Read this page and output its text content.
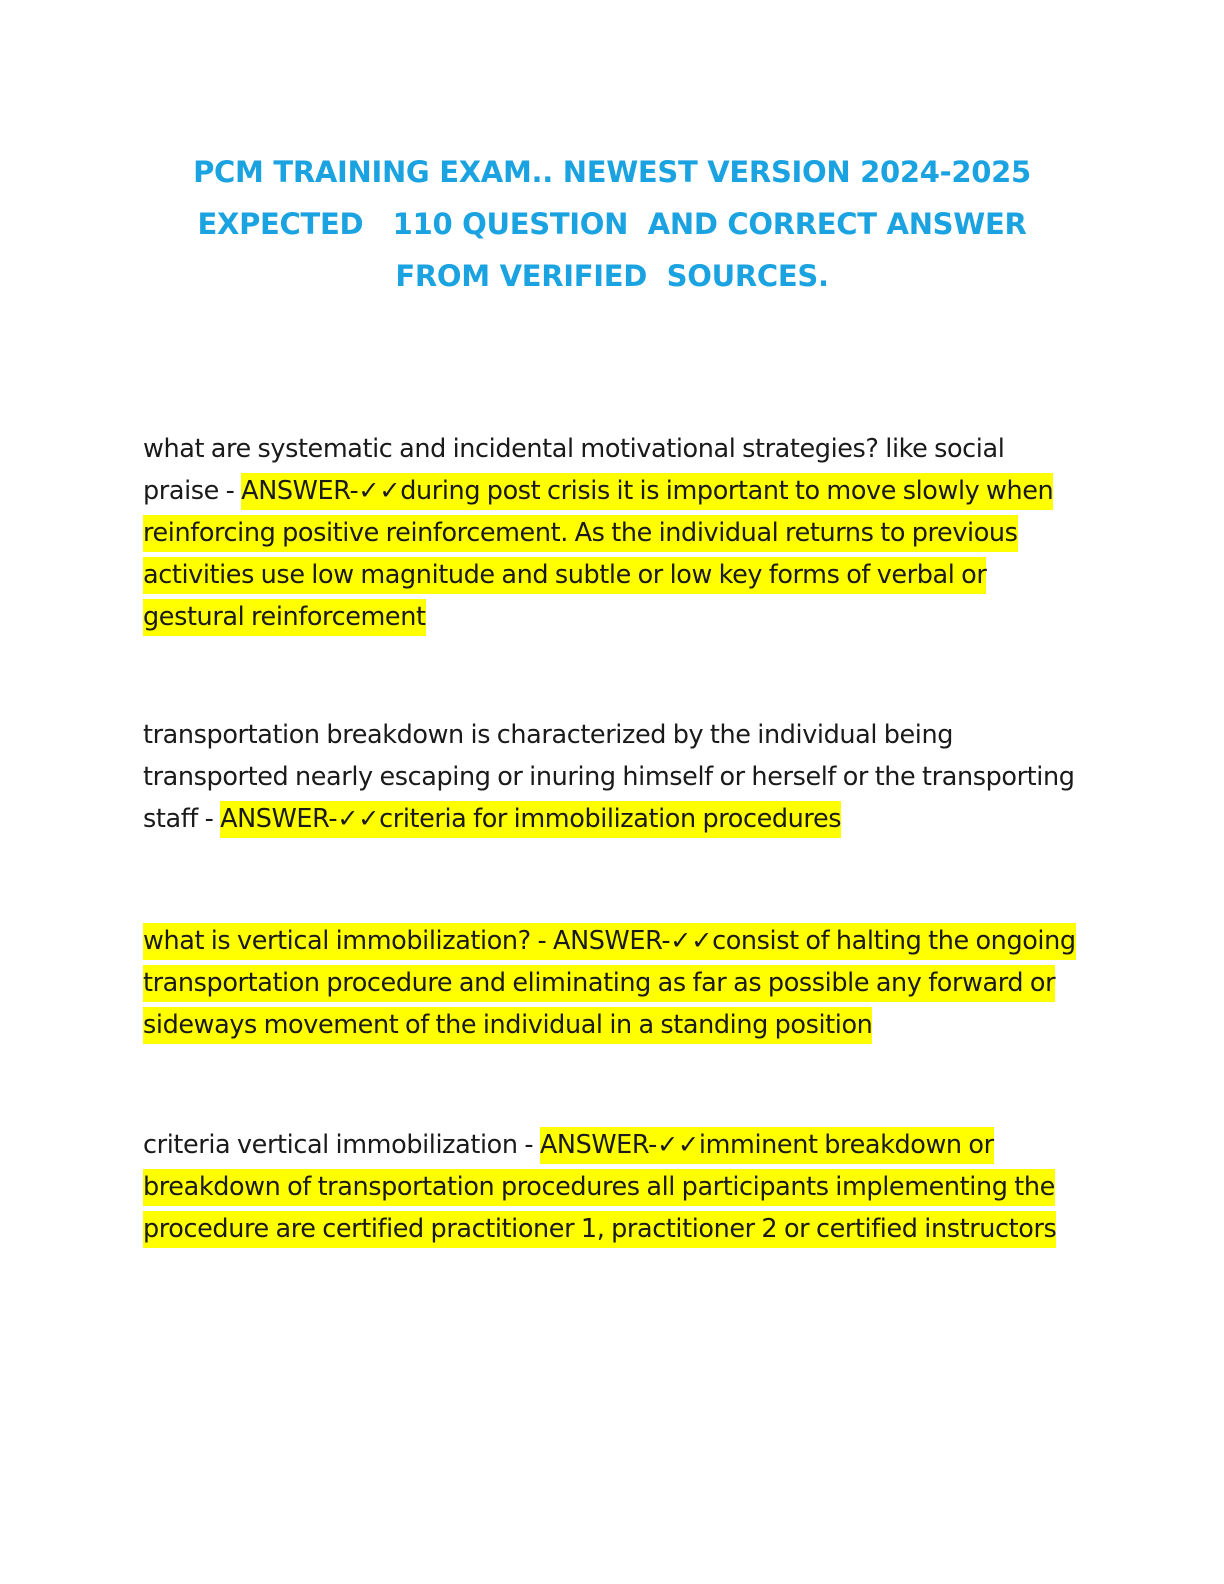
PCM TRAINING EXAM.. NEWEST VERSION 2024-2025
EXPECTED   110 QUESTION  AND CORRECT ANSWER
FROM VERIFIED  SOURCES.
what are systematic and incidental motivational strategies? like social praise - ANSWER-✓✓during post crisis it is important to move slowly when reinforcing positive reinforcement. As the individual returns to previous activities use low magnitude and subtle or low key forms of verbal or gestural reinforcement
transportation breakdown is characterized by the individual being transported nearly escaping or inuring himself or herself or the transporting staff - ANSWER-✓✓criteria for immobilization procedures
what is vertical immobilization? - ANSWER-✓✓consist of halting the ongoing transportation procedure and eliminating as far as possible any forward or sideways movement of the individual in a standing position
criteria vertical immobilization - ANSWER-✓✓imminent breakdown or breakdown of transportation procedures all participants implementing the procedure are certified practitioner 1, practitioner 2 or certified instructors
